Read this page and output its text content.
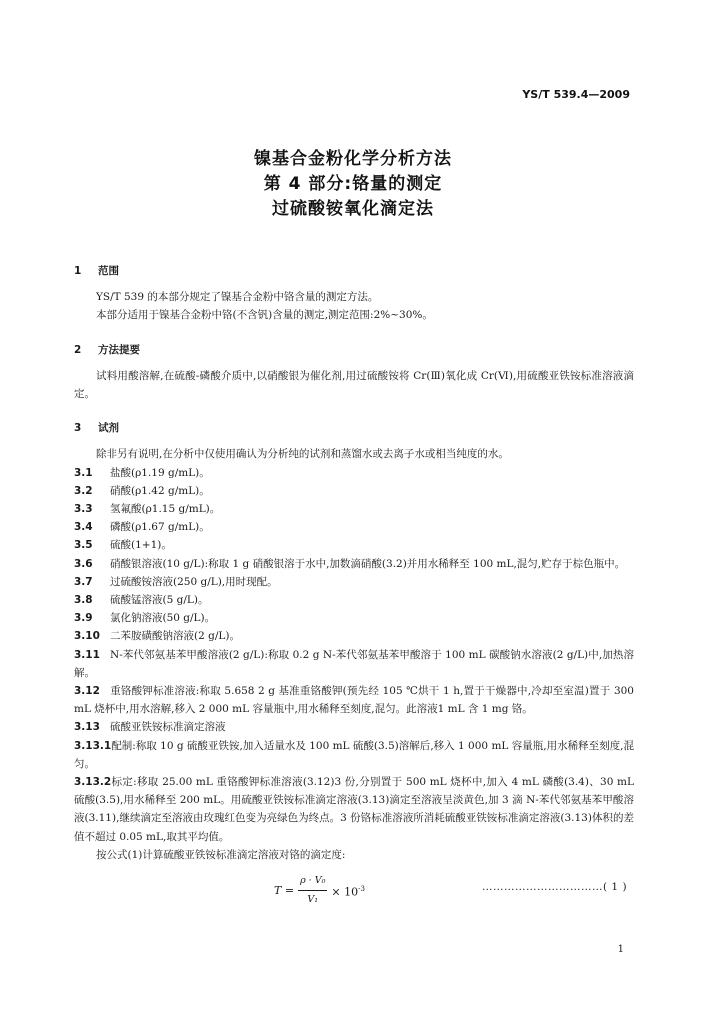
YS/T 539.4—2009
镍基合金粉化学分析方法
第 4 部分:铬量的测定
过硫酸铵氧化滴定法
1 范围

YS/T 539 的本部分规定了镍基合金粉中铬含量的测定方法。

本部分适用于镍基合金粉中铬(不含钒)含量的测定,测定范围:2%~30%。

2 方法提要

试料用酸溶解,在硫酸-磷酸介质中,以硝酸银为催化剂,用过硫酸铵将 Cr(Ⅲ)氧化成 Cr(Ⅵ),用硫酸亚铁铵标准溶液滴定。

3 试剂

除非另有说明,在分析中仅使用确认为分析纯的试剂和蒸馏水或去离子水或相当纯度的水。

3.1 盐酸(ρ1.19 g/mL)。

3.2 硝酸(ρ1.42 g/mL)。

3.3 氢氟酸(ρ1.15 g/mL)。

3.4 磷酸(ρ1.67 g/mL)。

3.5 硫酸(1+1)。

3.6 硝酸银溶液(10 g/L):称取 1 g 硝酸银溶于水中,加数滴硝酸(3.2)并用水稀释至 100 mL,混匀,贮存于棕色瓶中。

3.7 过硫酸铵溶液(250 g/L),用时现配。

3.8 硫酸锰溶液(5 g/L)。

3.9 氯化钠溶液(50 g/L)。

3.10 二苯胺磺酸钠溶液(2 g/L)。

3.11 N-苯代邻氨基苯甲酸溶液(2 g/L):称取 0.2 g N-苯代邻氨基苯甲酸溶于 100 mL 碳酸钠水溶液(2 g/L)中,加热溶解。

3.12 重铬酸钾标准溶液:称取 5.658 2 g 基准重铬酸钾(预先经 105 ℃烘干 1 h,置于干燥器中,冷却至室温)置于 300 mL 烧杯中,用水溶解,移入 2 000 mL 容量瓶中,用水稀释至刻度,混匀。此溶液1 mL 含 1 mg 铬。

3.13 硫酸亚铁铵标准滴定溶液

3.13.1配制:称取 10 g 硫酸亚铁铵,加入适量水及 100 mL 硫酸(3.5)溶解后,移入 1 000 mL 容量瓶,用水稀释至刻度,混匀。

3.13.2标定:移取 25.00 mL 重铬酸钾标准溶液(3.12)3 份,分别置于 500 mL 烧杯中,加入 4 mL 磷酸(3.4)、30 mL 硫酸(3.5),用水稀释至 200 mL。用硫酸亚铁铵标准滴定溶液(3.13)滴定至溶液呈淡黄色,加 3 滴 N-苯代邻氨基苯甲酸溶液(3.11),继续滴定至溶液由玫瑰红色变为亮绿色为终点。3 份铬标准溶液所消耗硫酸亚铁铵标准滴定溶液(3.13)体积的差值不超过 0.05 mL,取其平均值。

按公式(1)计算硫酸亚铁铵标准滴定溶液对铬的滴定度:

$T = \frac{\text{ρ · V₀}}{\text{V₁}} \times 10^{-3}$	……………………………( 1 )
1
